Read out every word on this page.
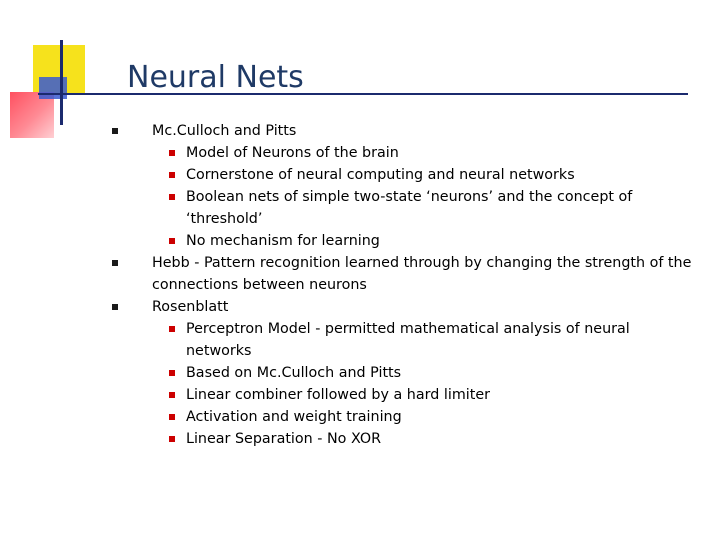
Neural Nets
Mc.Culloch and Pitts
Model of Neurons of the brain
Cornerstone of neural computing and neural networks
Boolean nets of simple two-state ‘neurons’ and the concept of ‘threshold’
No mechanism for learning
Hebb - Pattern recognition learned through by changing the strength of the connections between neurons
Rosenblatt
Perceptron Model - permitted mathematical analysis of neural networks
Based on Mc.Culloch and Pitts
Linear combiner followed by a hard limiter
Activation and weight training
Linear Separation - No XOR
